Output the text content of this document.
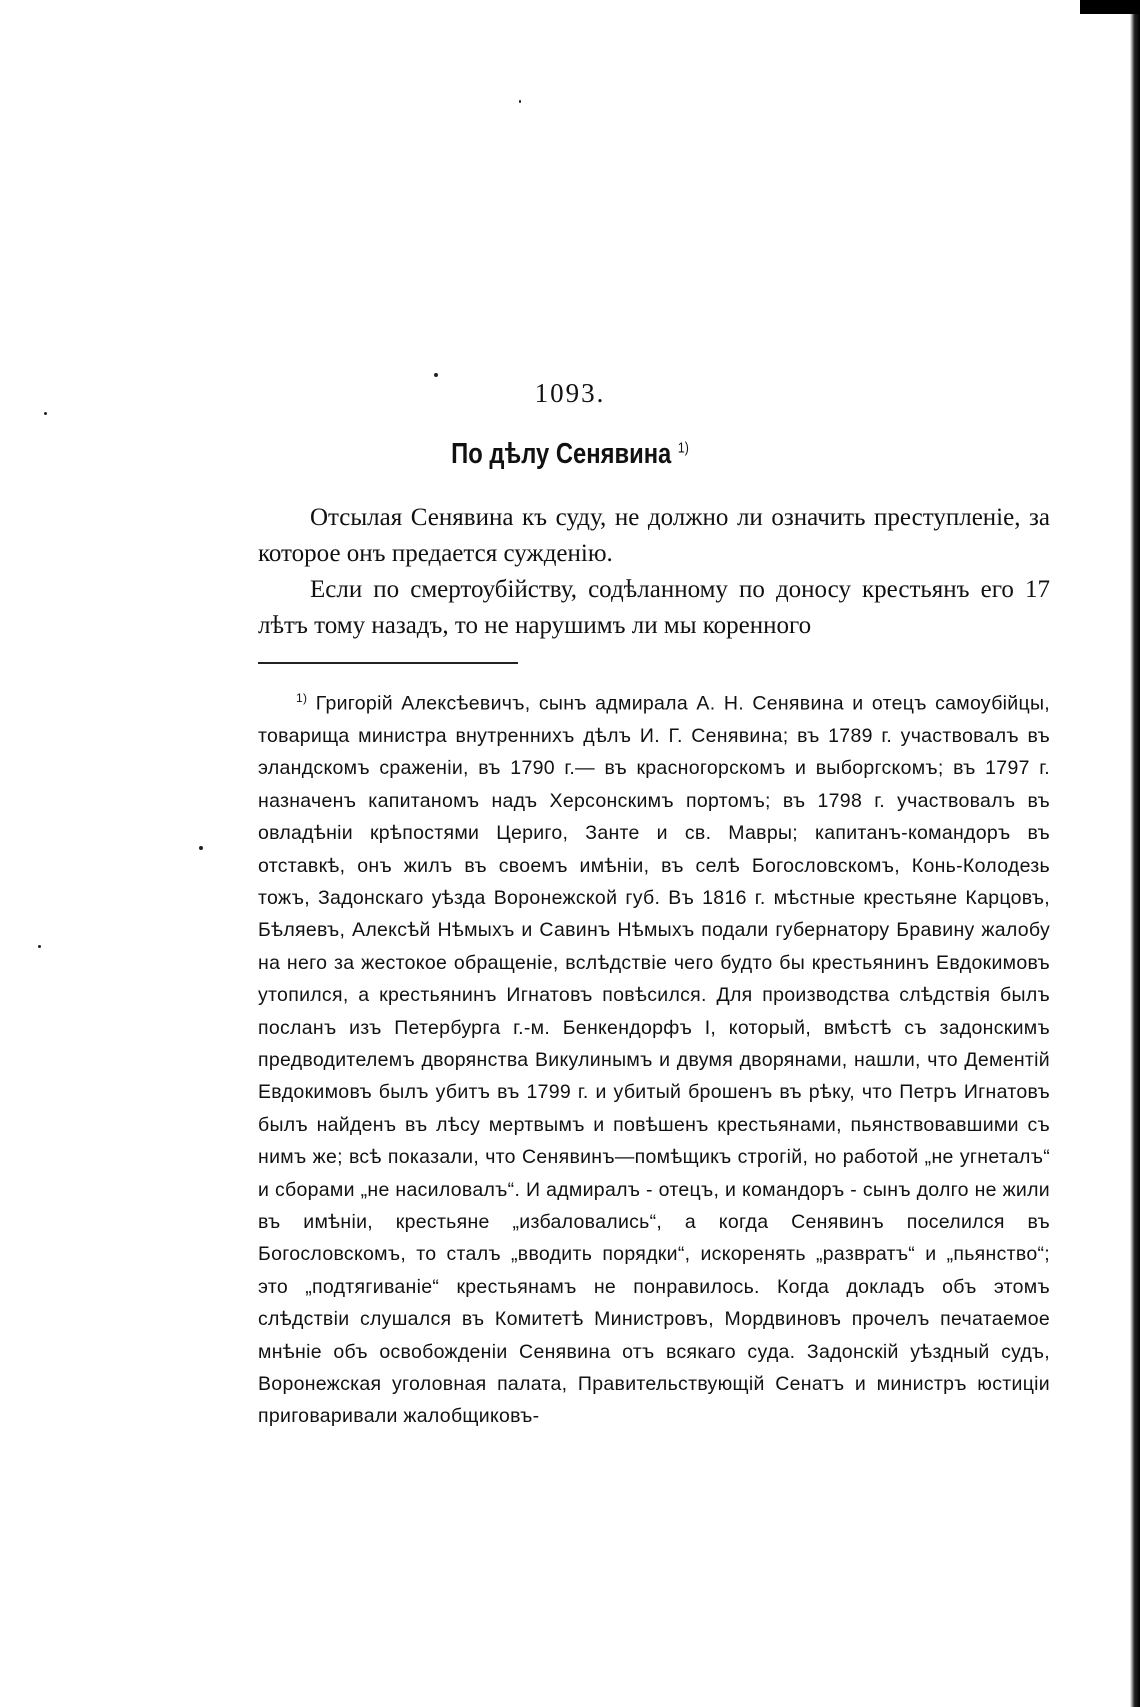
1093.
По дѣлу Сенявина $^{1)}$

Отсылая Сенявина къ суду, не должно ли означить преступленіе, за которое онъ предается сужденію.

Если по смертоубійству, содѣланному по доносу крестьянъ его 17 лѣтъ тому назадъ, то не нарушимъ ли мы коренного

$^{1)}$ Григорій Алексѣевичъ, сынъ адмирала А. Н. Сенявина и отецъ самоубійцы, товарища министра внутреннихъ дѣлъ И. Г. Сенявина; въ 1789 г. участвовалъ въ эландскомъ сраженіи, въ 1790 г.— въ красногорскомъ и выборгскомъ; въ 1797 г. назначенъ капитаномъ надъ Херсонскимъ портомъ; въ 1798 г. участвовалъ въ овладѣніи крѣпостями Цериго, Занте и св. Мавры; капитанъ-командоръ въ отставкѣ, онъ жилъ въ своемъ имѣніи, въ селѣ Богословскомъ, Конь-Колодезь тожъ, Задонскаго уѣзда Воронежской губ. Въ 1816 г. мѣстные крестьяне Карцовъ, Бѣляевъ, Алексѣй Нѣмыхъ и Савинъ Нѣмыхъ подали губернатору Бравину жалобу на него за жестокое обращеніе, вслѣдствіе чего будто бы крестьянинъ Евдокимовъ утопился, а крестьянинъ Игнатовъ повѣсился. Для производства слѣдствія былъ посланъ изъ Петербурга г.-м. Бенкендорфъ I, который, вмѣстѣ съ задонскимъ предводителемъ дворянства Викулинымъ и двумя дворянами, нашли, что Дементій Евдокимовъ былъ убитъ въ 1799 г. и убитый брошенъ въ рѣку, что Петръ Игнатовъ былъ найденъ въ лѣсу мертвымъ и повѣшенъ крестьянами, пьянствовавшими съ нимъ же; всѣ показали, что Сенявинъ—помѣщикъ строгій, но работой „не угнеталъ“ и сборами „не насиловалъ“. И адмиралъ - отецъ, и командоръ - сынъ долго не жили въ имѣніи, крестьяне „избаловались“, а когда Сенявинъ поселился въ Богословскомъ, то сталъ „вводить порядки“, искоренять „развратъ“ и „пьянство“; это „подтягиваніе“ крестьянамъ не понравилось. Когда докладъ объ этомъ слѣдствіи слушался въ Комитетѣ Министровъ, Мордвиновъ прочелъ печатаемое мнѣніе объ освобожденіи Сенявина отъ всякаго суда. Задонскій уѣздный судъ, Воронежская уголовная палата, Правительствующій Сенатъ и министръ юстиціи приговаривали жалобщиковъ-
